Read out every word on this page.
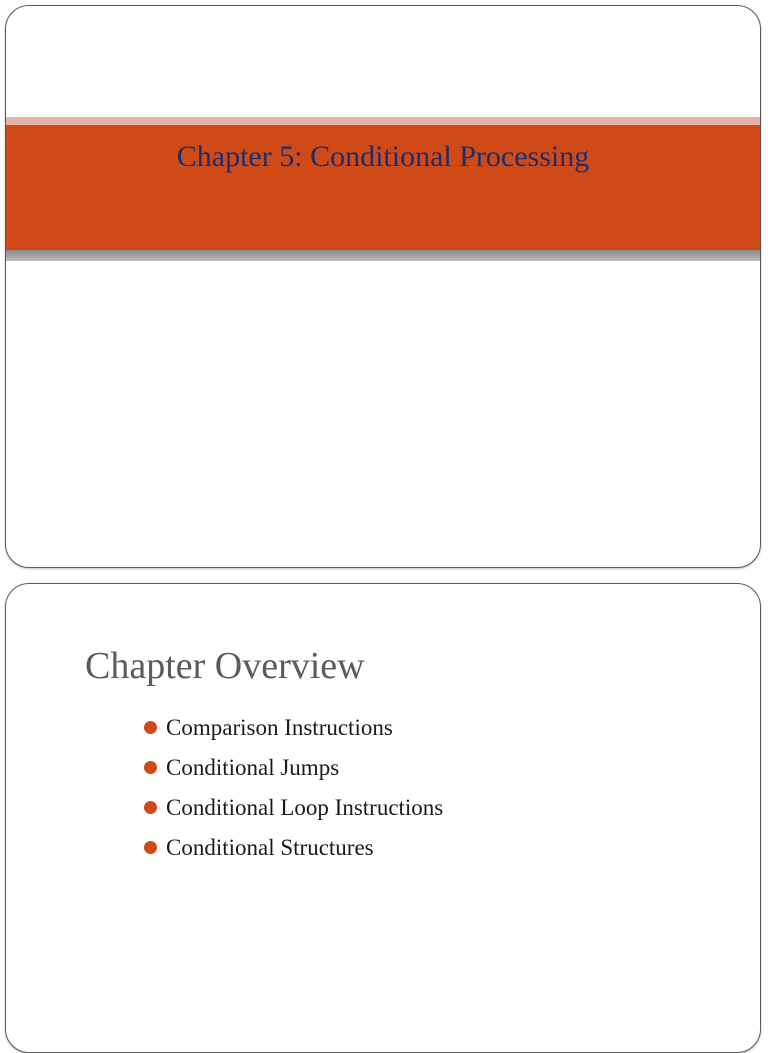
Chapter 5: Conditional Processing
Chapter Overview
Comparison Instructions
Conditional Jumps
Conditional Loop Instructions
Conditional Structures
